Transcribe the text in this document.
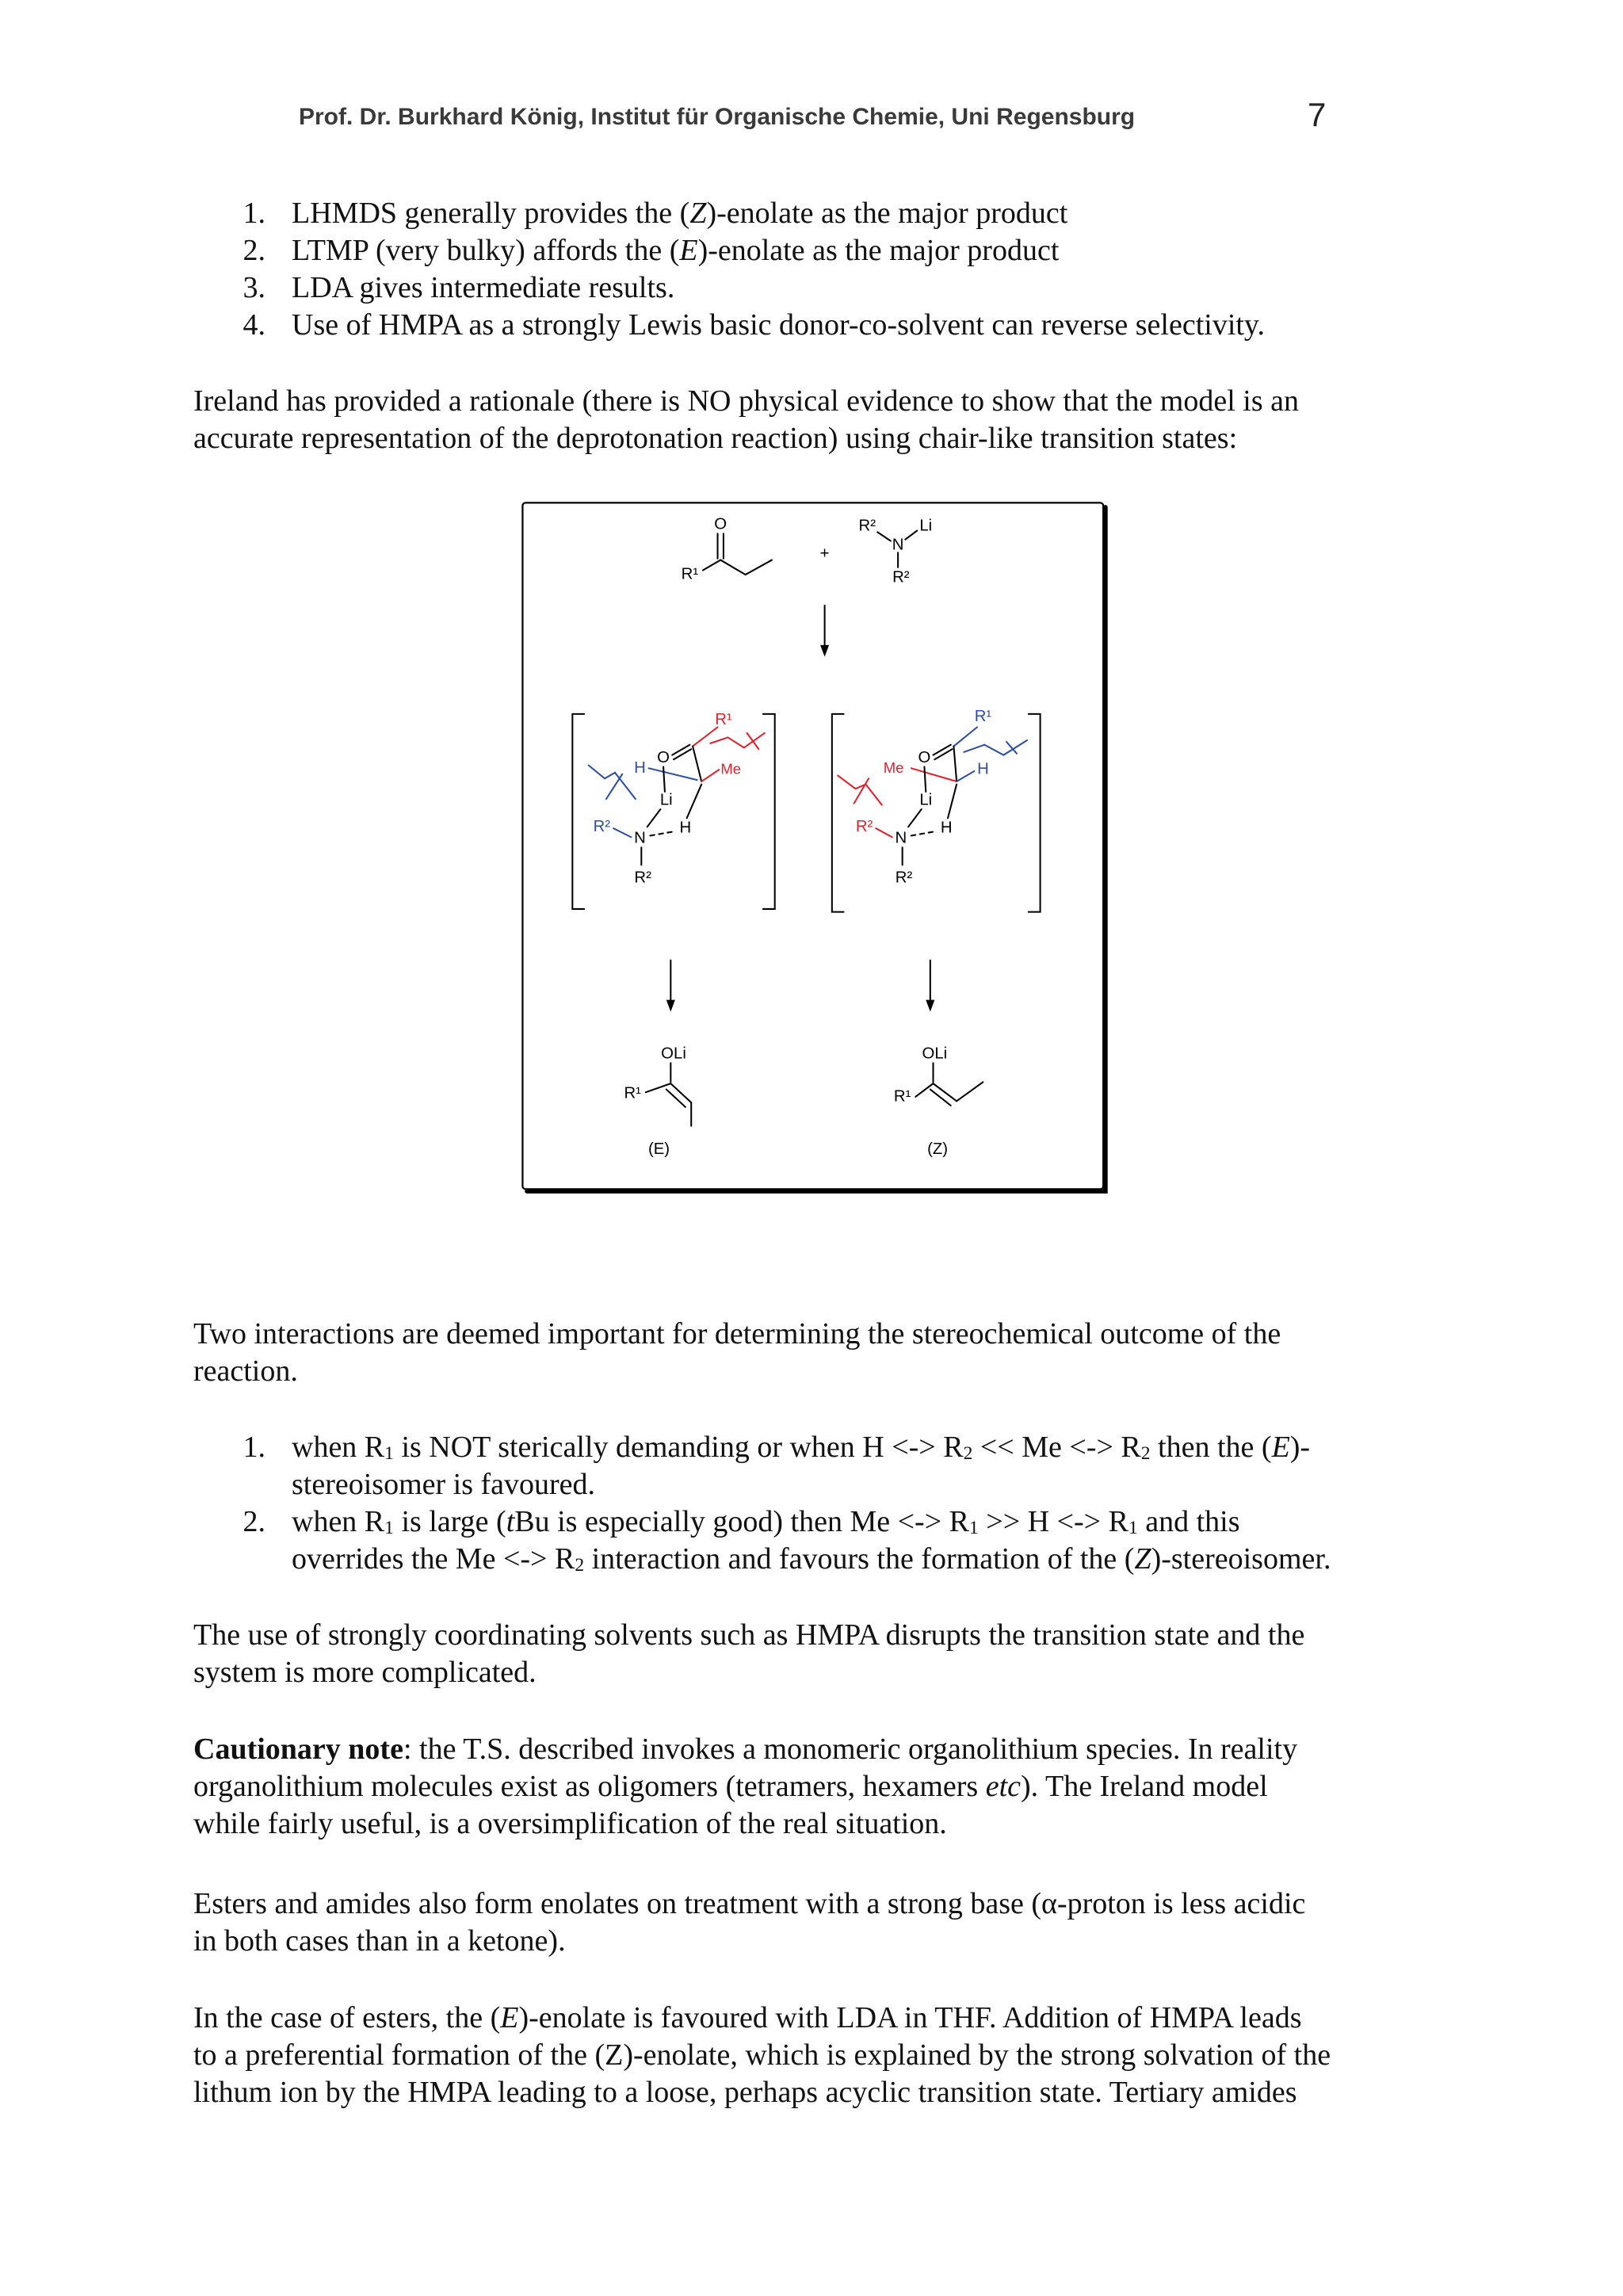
Prof. Dr. Burkhard König, Institut für Organische Chemie, Uni Regensburg	7
1. LHMDS generally provides the (Z)-enolate as the major product
2. LTMP (very bulky) affords the (E)-enolate as the major product
3. LDA gives intermediate results.
4. Use of HMPA as a strongly Lewis basic donor-co-solvent can reverse selectivity.
Ireland has provided a rationale (there is NO physical evidence to show that the model is an
accurate representation of the deprotonation reaction) using chair-like transition states:
O
R¹
+
R²
N
Li
R²
R¹
O
Me
H
Li
N
H
R²
R²
R¹
O
Me	H
Li
N
H
R²
R²
OLi
R¹
(E)
OLi
R¹
(Z)
Two interactions are deemed important for determining the stereochemical outcome of the
reaction.
1. when R1 is NOT sterically demanding or when H <-> R2 << Me <-> R2 then the (E)-
stereoisomer is favoured.
2. when R1 is large (tBu is especially good) then Me <-> R1 >> H <-> R1 and this
overrides the Me <-> R2 interaction and favours the formation of the (Z)-stereoisomer.
The use of strongly coordinating solvents such as HMPA disrupts the transition state and the
system is more complicated.
Cautionary note: the T.S. described invokes a monomeric organolithium species. In reality
organolithium molecules exist as oligomers (tetramers, hexamers etc). The Ireland model
while fairly useful, is a oversimplification of the real situation.
Esters and amides also form enolates on treatment with a strong base (α-proton is less acidic
in both cases than in a ketone).
In the case of esters, the (E)-enolate is favoured with LDA in THF. Addition of HMPA leads
to a preferential formation of the (Z)-enolate, which is explained by the strong solvation of the
lithum ion by the HMPA leading to a loose, perhaps acyclic transition state. Tertiary amides
